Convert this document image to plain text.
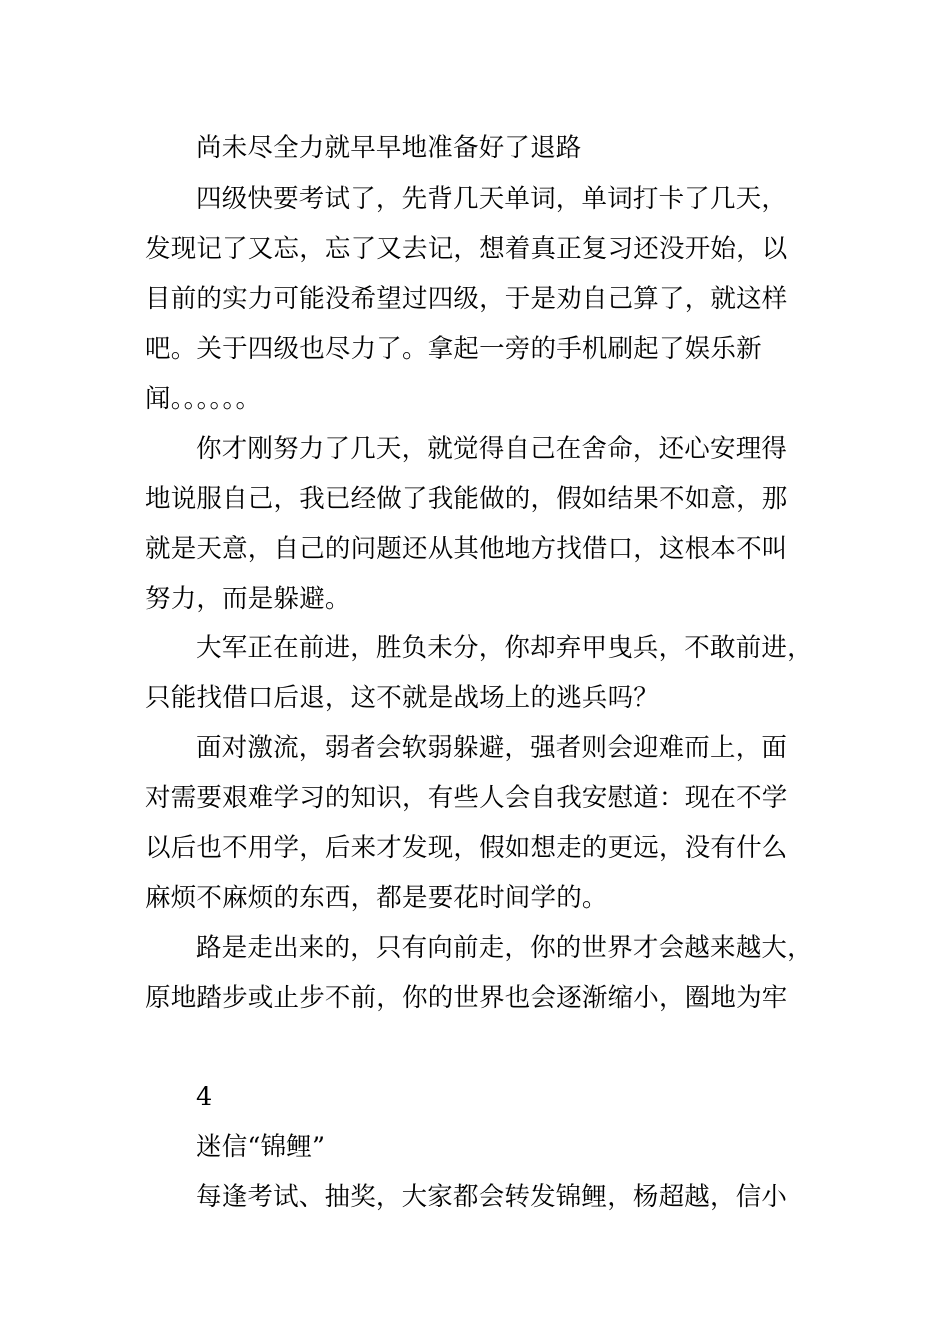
尚未尽全力就早早地准备好了退路
四级快要考试了，先背几天单词，单词打卡了几天，
发现记了又忘，忘了又去记，想着真正复习还没开始，以
目前的实力可能没希望过四级，于是劝自己算了，就这样
吧。关于四级也尽力了。拿起一旁的手机刷起了娱乐新
闻。。。。。。
你才刚努力了几天，就觉得自己在舍命，还心安理得
地说服自己，我已经做了我能做的，假如结果不如意，那
就是天意，自己的问题还从其他地方找借口，这根本不叫
努力，而是躲避。
大军正在前进，胜负未分，你却弃甲曳兵，不敢前进，
只能找借口后退，这不就是战场上的逃兵吗？
面对激流，弱者会软弱躲避，强者则会迎难而上，面
对需要艰难学习的知识，有些人会自我安慰道：现在不学
以后也不用学，后来才发现，假如想走的更远，没有什么
麻烦不麻烦的东西，都是要花时间学的。
路是走出来的，只有向前走，你的世界才会越来越大，
原地踏步或止步不前，你的世界也会逐渐缩小，圈地为牢
4
迷信“锦鲤”
每逢考试、抽奖，大家都会转发锦鲤，杨超越，信小
